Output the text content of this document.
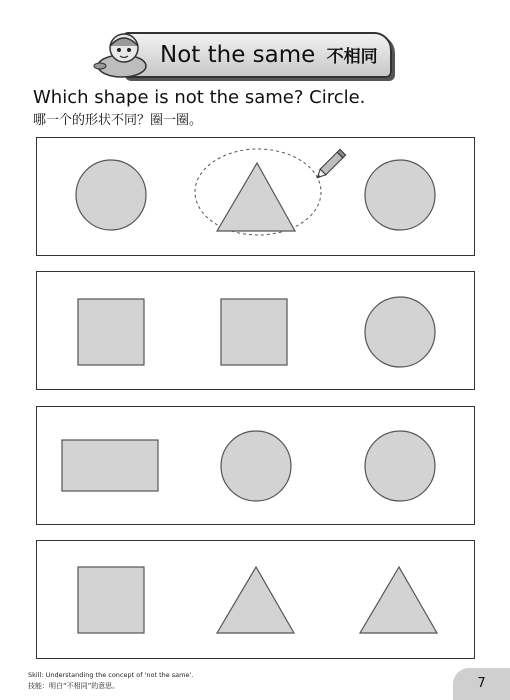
Not the same 不相同
Which shape is not the same? Circle.
哪一个的形状不同？圈一圈。
Skill: Understanding the concept of 'not the same'.
技能：明白“不相同”的意思。	7
